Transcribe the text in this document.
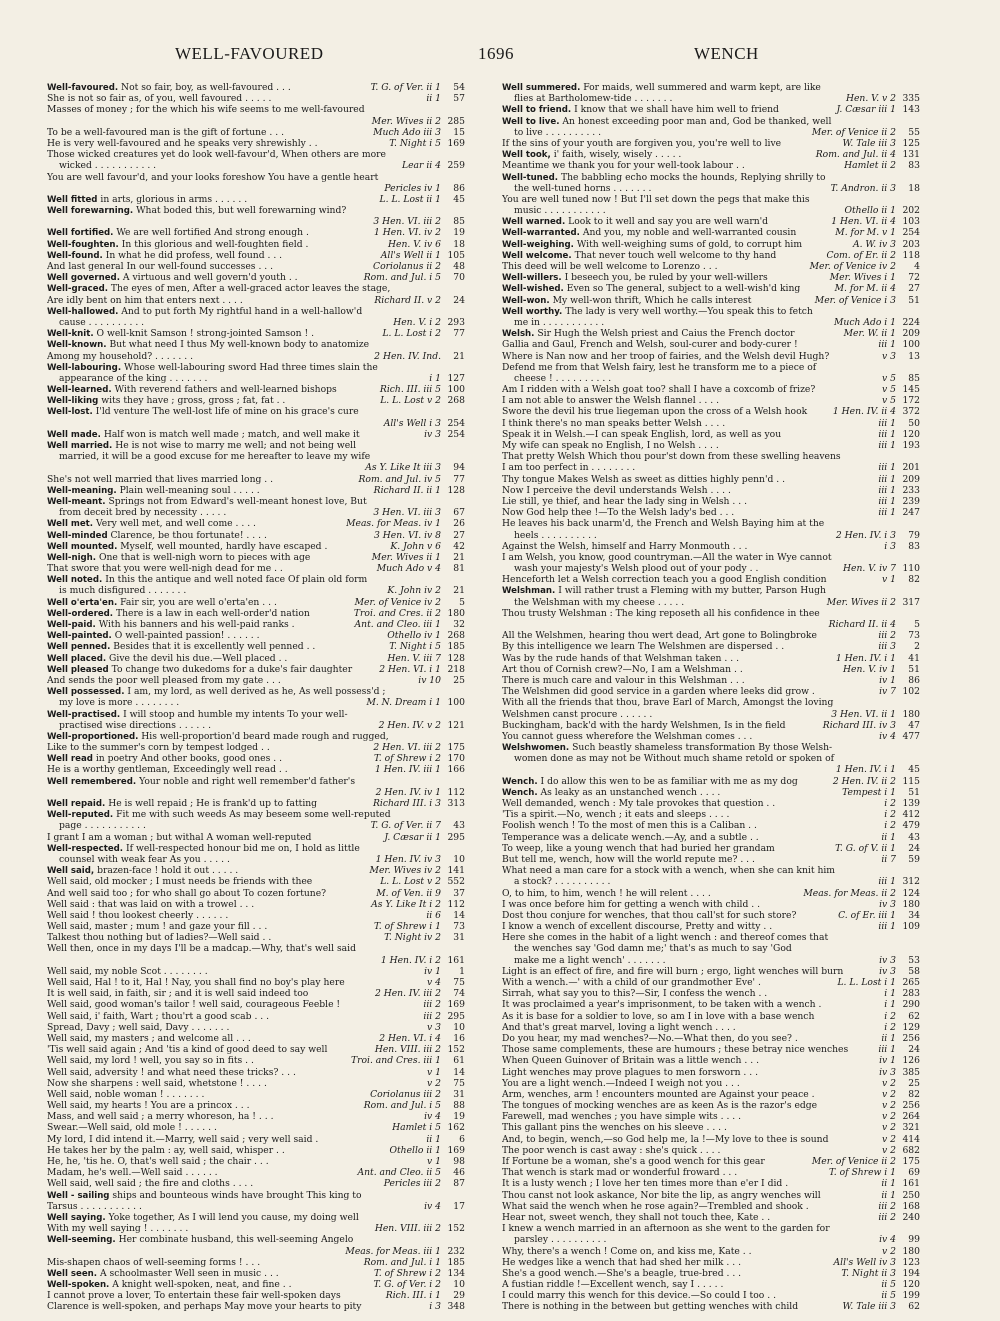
WELL-FAVOURED	1696	WENCH
Well-favoured. Not so fair, boy, as well-favoured . . .	T. G. of Ver. ii 1	54
She is not so fair as, of you, well favoured . . . . .	ii 1	57
Masses of money ; for the which his wife seems to me well-favoured
Mer. Wives ii 2 285
To be a well-favoured man is the gift of fortune . . .	Much Ado iii 3	15
He is very well-favoured and he speaks very shrewishly . .	T. Night i 5 169
Those wicked creatures yet do look well-favour'd, When others are more
wicked . . . . . . . . . . .	Lear ii 4 259
You are well favour'd, and your looks foreshow You have a gentle heart
Pericles iv 1	86
Well fitted in arts, glorious in arms . . . . . .	L. L. Lost ii 1	45
Well forewarning. What boded this, but well forewarning wind?
3 Hen. VI. iii 2	85
Well fortified. We are well fortified And strong enough .	1 Hen. VI. iv 2	19
Well-foughten. In this glorious and well-foughten field .	Hen. V. iv 6	18
Well-found. In what he did profess, well found . . .	All's Well ii 1 105
And last general In our well-found successes . . .	Coriolanus ii 2	48
Well governed. A virtuous and well govern'd youth . .	Rom. and Jul. i 5	70
Well-graced. The eyes of men, After a well-graced actor leaves the stage,
Are idly bent on him that enters next . . . .	Richard II. v 2	24
Well-hallowed. And to put forth My rightful hand in a well-hallow'd
cause . . . . . . . . . .	Hen. V. i 2 293
Well-knit. O well-knit Samson ! strong-jointed Samson ! .	L. L. Lost i 2	77
Well-known. But what need I thus My well-known body to anatomize
Among my household? . . . . . . .	2 Hen. IV. Ind.	21
Well-labouring. Whose well-labouring sword Had three times slain the
appearance of the king . . . . . . .	i 1 127
Well-learned. With reverend fathers and well-learned bishops	Rich. III. iii 5 100
Well-liking wits they have ; gross, gross ; fat, fat . .	L. L. Lost v 2 268
Well-lost. I'ld venture The well-lost life of mine on his grace's cure
All's Well i 3 254
Well made. Half won is match well made ; match, and well make it	iv 3 254
Well married. He is not wise to marry me well; and not being well
married, it will be a good excuse for me hereafter to leave my wife
As Y. Like It iii 3	94
She's not well married that lives married long . .	Rom. and Jul. iv 5	77
Well-meaning. Plain well-meaning soul . . . . .	Richard II. ii 1 128
Well-meant. Springs not from Edward's well-meant honest love, But
from deceit bred by necessity . . . . .	3 Hen. VI. iii 3	67
Well met. Very well met, and well come . . . .	Meas. for Meas. iv 1	26
Well-minded Clarence, be thou fortunate! . . . .	3 Hen. VI. iv 8	27
Well mounted. Myself, well mounted, hardly have escaped .	K. John v 6	42
Well-nigh. One that is well-nigh worn to pieces with age	Mer. Wives ii 1	21
That swore that you were well-nigh dead for me . .	Much Ado v 4	81
Well noted. In this the antique and well noted face Of plain old form
is much disfigured . . . . . . .	K. John iv 2	21
Well o'erta'en. Fair sir, you are well o'erta'en . . .	Mer. of Venice iv 2	5
Well-ordered. There is a law in each well-order'd nation	Troi. and Cres. ii 2 180
Well-paid. With his banners and his well-paid ranks .	Ant. and Cleo. iii 1	32
Well-painted. O well-painted passion! . . . . . .	Othello iv 1 268
Well penned. Besides that it is excellently well penned . .	T. Night i 5 185
Well placed. Give the devil his due.—Well placed . .	Hen. V. iii 7 128
Well pleased To change two dukedoms for a duke's fair daughter	2 Hen. VI. i 1 218
And sends the poor well pleased from my gate . . .	iv 10	25
Well possessed. I am, my lord, as well derived as he, As well possess'd ;
my love is more . . . . . . . .	M. N. Dream i 1 100
Well-practised. I will stoop and humble my intents To your well-
practised wise directions . . . . . .	2 Hen. IV. v 2 121
Well-proportioned. His well-proportion'd beard made rough and rugged,
Like to the summer's corn by tempest lodged . .	2 Hen. VI. iii 2 175
Well read in poetry And other books, good ones . .	T. of Shrew i 2 170
He is a worthy gentleman, Exceedingly well read . .	1 Hen. IV. iii 1 166
Well remembered. Your noble and right well remember'd father's
2 Hen. IV. iv 1 112
Well repaid. He is well repaid ; He is frank'd up to fatting	Richard III. i 3 313
Well-reputed. Fit me with such weeds As may beseem some well-reputed
page . . . . . . . . . . .	T. G. of Ver. ii 7	43
I grant I am a woman ; but withal A woman well-reputed	J. Cæsar ii 1 295
Well-respected. If well-respected honour bid me on, I hold as little
counsel with weak fear As you . . . . .	1 Hen. IV. iv 3	10
Well said, brazen-face ! hold it out . . . . .	Mer. Wives iv 2 141
Well said, old mocker ; I must needs be friends with thee	L. L. Lost v 2 552
And well said too ; for who shall go about To cozen fortune?	M. of Ven. ii 9	37
Well said : that was laid on with a trowel . . .	As Y. Like It i 2 112
Well said ! thou lookest cheerly . . . . . .	ii 6	14
Well said, master ; mum ! and gaze your fill . . .	T. of Shrew i 1	73
Talkest thou nothing but of ladies?—Well said . .	T. Night iv 2	31
Well then, once in my days I'll be a madcap.—Why, that's well said
1 Hen. IV. i 2 161
Well said, my noble Scot . . . . . . . .	iv 1	1
Well said, Hal ! to it, Hal ! Nay, you shall find no boy's play here	v 4	75
It is well said, in faith, sir ; and it is well said indeed too	2 Hen. IV. iii 2	74
Well said, good woman's tailor ! well said, courageous Feeble !	iii 2 169
Well said, i' faith, Wart ; thou'rt a good scab . . .	iii 2 295
Spread, Davy ; well said, Davy . . . . . . .	v 3	10
Well said, my masters ; and welcome all . . .	2 Hen. VI. i 4	16
'Tis well said again ; And 'tis a kind of good deed to say well	Hen. VIII. iii 2 152
Well said, my lord ! well, you say so in fits . .	Troi. and Cres. iii 1	61
Well said, adversity ! and what need these tricks? . . .	v 1	14
Now she sharpens : well said, whetstone ! . . . .	v 2	75
Well said, noble woman ! . . . . . . .	Coriolanus iii 2	31
Well said, my hearts ! You are a princox . . .	Rom. and Jul. i 5	88
Mass, and well said ; a merry whoreson, ha ! . . .	iv 4	19
Swear.—Well said, old mole ! . . . . . .	Hamlet i 5 162
My lord, I did intend it.—Marry, well said ; very well said .	ii 1	6
He takes her by the palm : ay, well said, whisper . .	Othello ii 1 169
He, he, 'tis he. O, that's well said ; the chair . . .	v 1	98
Madam, he's well.—Well said . . . . . .	Ant. and Cleo. ii 5	46
Well said, well said ; the fire and cloths . . . .	Pericles iii 2	87
Well - sailing ships and bounteous winds have brought This king to
Tarsus . . . . . . . . . . .	iv 4	17
Well saying. Yoke together, As I will lend you cause, my doing well
With my well saying ! . . . . . . .	Hen. VIII. iii 2 152
Well-seeming. Her combinate husband, this well-seeming Angelo
Meas. for Meas. iii 1 232
Mis-shapen chaos of well-seeming forms ! . . .	Rom. and Jul. i 1 185
Well seen. A schoolmaster Well seen in music . . .	T. of Shrew i 2 134
Well-spoken. A knight well-spoken, neat, and fine . .	T. G. of Ver. i 2	10
I cannot prove a lover, To entertain these fair well-spoken days	Rich. III. i 1	29
Clarence is well-spoken, and perhaps May move your hearts to pity	i 3 348
Well summered. For maids, well summered and warm kept, are like
flies at Bartholomew-tide . . . . . . .	Hen. V. v 2 335
Well to friend. I know that we shall have him well to friend	J. Cæsar iii 1 143
Well to live. An honest exceeding poor man and, God be thanked, well
to live . . . . . . . . . .	Mer. of Venice ii 2	55
If the sins of your youth are forgiven you, you're well to live	W. Tale iii 3 125
Well took, i' faith, wisely, wisely . . . . .	Rom. and Jul. ii 4 131
Meantime we thank you for your well-took labour . .	Hamlet ii 2	83
Well-tuned. The babbling echo mocks the hounds, Replying shrilly to
the well-tuned horns . . . . . . .	T. Andron. ii 3	18
You are well tuned now ! But I'll set down the pegs that make this
music . . . . . . . . . . .	Othello ii 1 202
Well warned. Look to it well and say you are well warn'd	1 Hen. VI. ii 4 103
Well-warranted. And you, my noble and well-warranted cousin	M. for M. v 1 254
Well-weighing. With well-weighing sums of gold, to corrupt him	A. W. iv 3 203
Well welcome. That never touch well welcome to thy hand	Com. of Er. ii 2 118
This deed will be well welcome to Lorenzo . . .	Mer. of Venice iv 2	4
Well-willers. I beseech you, be ruled by your well-willers	Mer. Wives i 1	72
Well-wished. Even so The general, subject to a well-wish'd king	M. for M. ii 4	27
Well-won. My well-won thrift, Which he calls interest	Mer. of Venice i 3	51
Well worthy. The lady is very well worthy.—You speak this to fetch
me in . . . . . . . . . . .	Much Ado i 1 224
Welsh. Sir Hugh the Welsh priest and Caius the French doctor	Mer. W. ii 1 209
Gallia and Gaul, French and Welsh, soul-curer and body-curer !	iii 1 100
Where is Nan now and her troop of fairies, and the Welsh devil Hugh?	v 3	13
Defend me from that Welsh fairy, lest he transform me to a piece of
cheese ! . . . . . . . . . .	v 5	85
Am I ridden with a Welsh goat too? shall I have a coxcomb of frize?	v 5 145
I am not able to answer the Welsh flannel . . . .	v 5 172
Swore the devil his true liegeman upon the cross of a Welsh hook	1 Hen. IV. ii 4 372
I think there's no man speaks better Welsh . . . .	iii 1	50
Speak it in Welsh.—I can speak English, lord, as well as you	iii 1 120
My wife can speak no English, I no Welsh . . . .	iii 1 193
That pretty Welsh Which thou pour'st down from these swelling heavens
I am too perfect in . . . . . . . .	iii 1 201
Thy tongue Makes Welsh as sweet as ditties highly penn'd . .	iii 1 209
Now I perceive the devil understands Welsh . . . .	iii 1 233
Lie still, ye thief, and hear the lady sing in Welsh . . .	iii 1 239
Now God help thee !—To the Welsh lady's bed . . .	iii 1 247
He leaves his back unarm'd, the French and Welsh Baying him at the
heels . . . . . . . . . .	2 Hen. IV. i 3	79
Against the Welsh, himself and Harry Monmouth . . .	i 3	83
I am Welsh, you know, good countryman.—All the water in Wye cannot
wash your majesty's Welsh plood out of your pody . .	Hen. V. iv 7 110
Henceforth let a Welsh correction teach you a good English condition	v 1	82
Welshman. I will rather trust a Fleming with my butter, Parson Hugh
the Welshman with my cheese . . . . .	Mer. Wives ii 2 317
Thou trusty Welshman : The king reposeth all his confidence in thee
Richard II. ii 4	5
All the Welshmen, hearing thou wert dead, Art gone to Bolingbroke	iii 2	73
By this intelligence we learn The Welshmen are dispersed . .	iii 3	2
Was by the rude hands of that Welshman taken . . .	1 Hen. IV. i 1	41
Art thou of Cornish crew?—No, I am a Welshman . .	Hen. V. iv 1	51
There is much care and valour in this Welshman . . .	iv 1	86
The Welshmen did good service in a garden where leeks did grow .	iv 7 102
With all the friends that thou, brave Earl of March, Amongst the loving
Welshmen canst procure . . . . . .	3 Hen. VI. ii 1 180
Buckingham, back'd with the hardy Welshmen, Is in the field	Richard III. iv 3	47
You cannot guess wherefore the Welshman comes . . .	iv 4 477
Welshwomen. Such beastly shameless transformation By those Welsh-
women done as may not be Without much shame retold or spoken of
1 Hen. IV. i 1	45
Wench. I do allow this wen to be as familiar with me as my dog	2 Hen. IV. ii 2 115
Wench. As leaky as an unstanched wench . . . .	Tempest i 1	51
Well demanded, wench : My tale provokes that question . .	i 2 139
'Tis a spirit.—No, wench ; it eats and sleeps . . . .	i 2 412
Foolish wench ! To the most of men this is a Caliban . .	i 2 479
Temperance was a delicate wench.—Ay, and a subtle . .	ii 1	43
To weep, like a young wench that had buried her grandam	T. G. of V. ii 1	24
But tell me, wench, how will the world repute me? . . .	ii 7	59
What need a man care for a stock with a wench, when she can knit him
a stock? . . . . . . . . . .	iii 1 312
O, to him, to him, wench ! he will relent . . . .	Meas. for Meas. ii 2 124
I was once before him for getting a wench with child . .	iv 3 180
Dost thou conjure for wenches, that thou call'st for such store?	C. of Er. iii 1	34
I know a wench of excellent discourse, Pretty and witty . .	iii 1 109
Here she comes in the habit of a light wench : and thereof comes that
the wenches say 'God damn me;' that's as much to say 'God
make me a light wench' . . . . . . .	iv 3	53
Light is an effect of fire, and fire will burn ; ergo, light wenches will burn	iv 3	58
With a wench.—' with a child of our grandmother Eve' .	L. L. Lost i 1 265
Sirrah, what say you to this?—Sir, I confess the wench . .	i 1 283
It was proclaimed a year's imprisonment, to be taken with a wench .	i 1 290
As it is base for a soldier to love, so am I in love with a base wench	i 2	62
And that's great marvel, loving a light wench . . . .	i 2 129
Do you hear, my mad wenches?—No.—What then, do you see? .	ii 1 256
Those same complements, these are humours ; these betray nice wenches	iii 1	24
When Queen Guinover of Britain was a little wench . . .	iv 1 126
Light wenches may prove plagues to men forsworn . . .	iv 3 385
You are a light wench.—Indeed I weigh not you . . .	v 2	25
Arm, wenches, arm ! encounters mounted are Against your peace .	v 2	82
The tongues of mocking wenches are as keen As is the razor's edge	v 2 256
Farewell, mad wenches ; you have simple wits . . . .	v 2 264
This gallant pins the wenches on his sleeve . . . .	v 2 321
And, to begin, wench,—so God help me, la !—My love to thee is sound	v 2 414
The poor wench is cast away : she's quick . . . .	v 2 682
If Fortune be a woman, she's a good wench for this gear	Mer. of Venice ii 2 175
That wench is stark mad or wonderful froward . . .	T. of Shrew i 1	69
It is a lusty wench ; I love her ten times more than e'er I did .	ii 1 161
Thou canst not look askance, Nor bite the lip, as angry wenches will	ii 1 250
What said the wench when he rose again?—Trembled and shook .	iii 2 168
Hear not, sweet wench, they shall not touch thee, Kate . .	iii 2 240
I knew a wench married in an afternoon as she went to the garden for
parsley . . . . . . . . . .	iv 4	99
Why, there's a wench ! Come on, and kiss me, Kate . .	v 2 180
He wedges like a wench that had shed her milk . . .	All's Well iv 3 123
She's a good wench.—She's a beagle, true-bred . . .	T. Night ii 3 194
A fustian riddle !—Excellent wench, say I . . . . .	ii 5 120
I could marry this wench for this device.—So could I too . .	ii 5 199
There is nothing in the between but getting wenches with child	W. Tale iii 3	62
